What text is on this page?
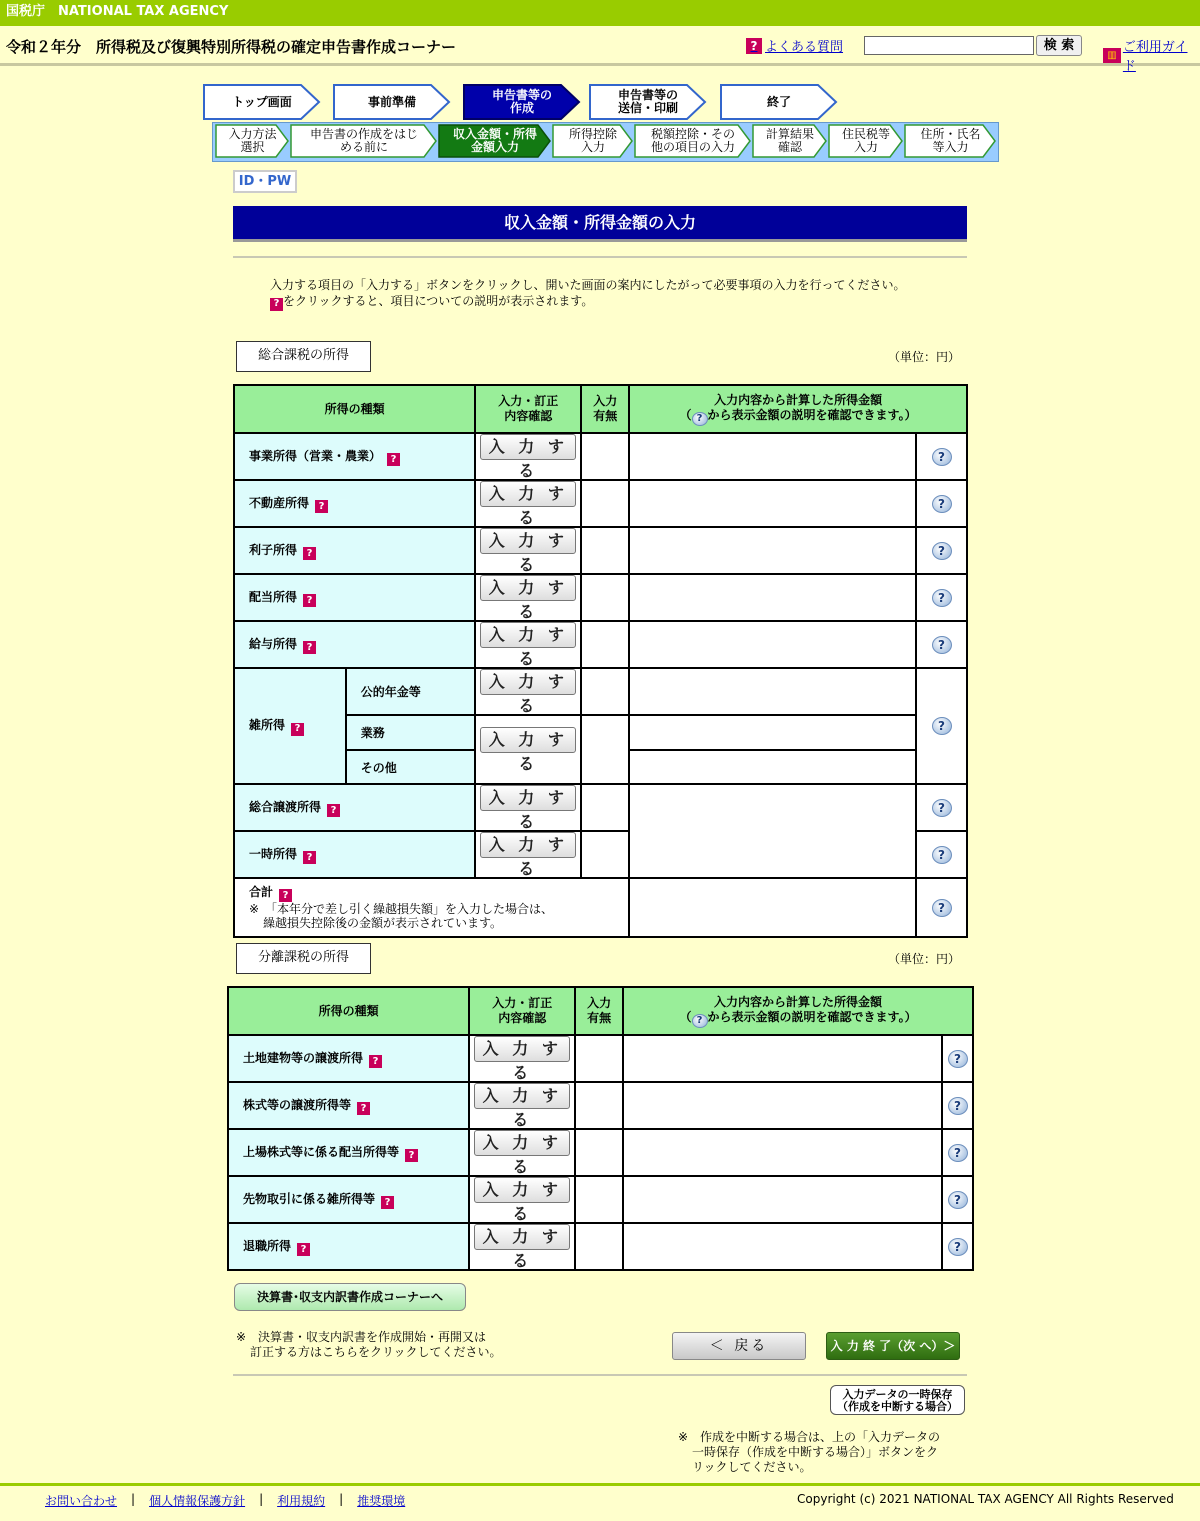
国税庁　NATIONAL TAX AGENCY
令和２年分　所得税及び復興特別所得税の確定申告書作成コーナー	? よくある質問	検 索
▥ ご利用ガイド
トップ画面	事前準備	申告書等の
作成
申告書等の
送信・印刷	終了
入力方法
選択
申告書の作成をはじ
める前に
収入金額・所得
金額入力
所得控除
入力
税額控除・その
他の項目の入力
計算結果
確認
住民税等
入力
住所・氏名
等入力
ID・PW
収入金額・所得金額の入力
入力する項目の「入力する」ボタンをクリックし、開いた画面の案内にしたがって必要事項の入力を行ってください。
? をクリックすると、項目についての説明が表示されます。
総合課税の所得	（単位：円）
所得の種類		入力・訂正
内容確認	入力
有無	入力内容から計算した所得金額
（ ? から表示金額の説明を確認できます。）	
事業所得（営業・農業） ?		入 力 す る			?
不動産所得 ?		入 力 す る			?
利子所得 ?		入 力 す る			?
配当所得 ?		入 力 す る			?
給与所得 ?		入 力 す る			?
雑所得 ?	公的年金等	入 力 す る			?
	業務	入 力 す る			
	その他				
総合譲渡所得 ?		入 力 す る			?
一時所得 ?		入 力 す る			?

合計 ?
※　「本年分で差し引く繰越損失額」を入力した場合は、
繰越損失控除後の金額が表示されています。					?
分離課税の所得	（単位：円）
所得の種類	入力・訂正
内容確認	入力
有無	入力内容から計算した所得金額
（ ? から表示金額の説明を確認できます。）	
土地建物等の譲渡所得 ?	入 力 す る			?
株式等の譲渡所得等 ?	入 力 す る			?
上場株式等に係る配当所得等 ?	入 力 す る			?
先物取引に係る雑所得等 ?	入 力 す る			?
退職所得 ?	入 力 す る			?
決算書･収支内訳書作成コーナーへ
※　決算書・収支内訳書を作成開始・再開又は
訂正する方はこちらをクリックしてください。	＜ 戻る	入 力 終 了（次 へ）＞
入力データの一時保存
（作成を中断する場合）
※　作成を中断する場合は、上の「入力データの
一時保存（作成を中断する場合）」ボタンをク
リックしてください。
お問い合わせ | 個人情報保護方針 | 利用規約 | 推奨環境	Copyright (c) 2021 NATIONAL TAX AGENCY All Rights Reserved
